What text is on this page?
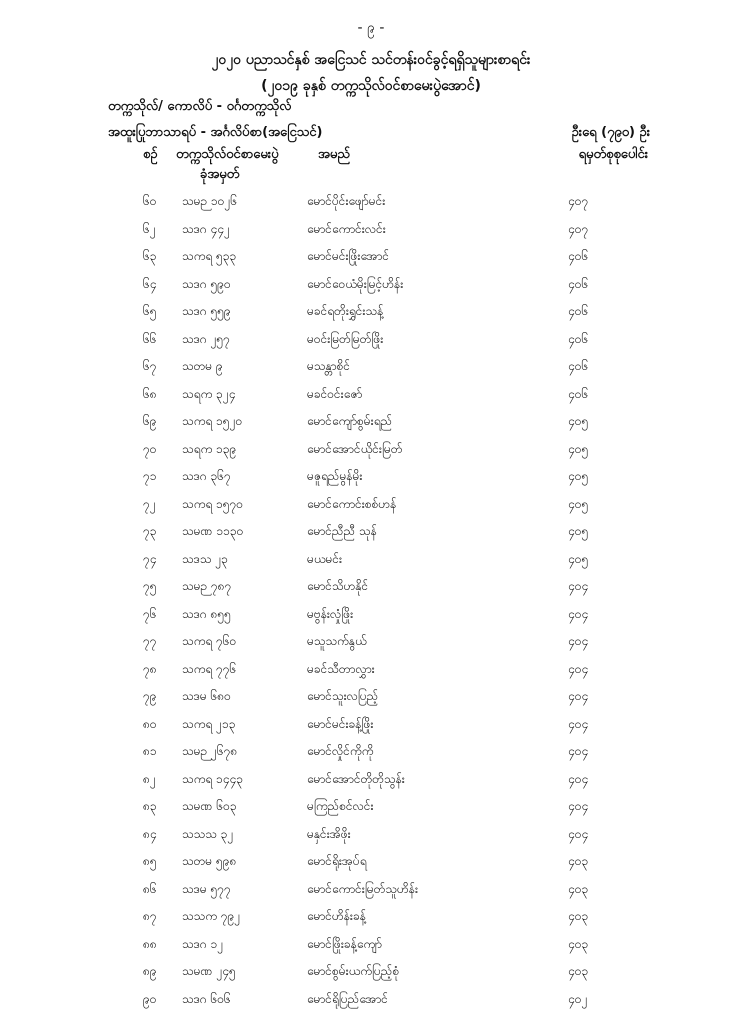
- ၉ -
၂၀၂၀ ပညာသင်နှစ် အငြေသင် သင်တန်းဝင်ခွင့်ရရှိသူများစာရင်း
(၂၀၁၉ ခုနှစ် တက္ကသိုလ်ဝင်စာမေးပွဲအောင်)
တက္ကသိုလ်/ ကောလိပ် - ဝင်္ဂတက္ကသိုလ်
အထူးပြုဘာသာရပ် - အင်္ဂလိပ်စာ(အငြေသင်)	ဦးရေ (၇၉၀) ဦး
စဉ် တက္ကသိုလ်ဝင်စာမေးပွဲ
ခုံအမှတ်
အမည်	ရမှတ်စုစုပေါင်း
၆၀ သမဉ ၁၀၂၆	မောင်ပိုင်းဖျော်မင်း	၄၀၇
၆၂ သဒဂ ၄၄၂	မောင်ကောင်းလင်း	၄၀၇
၆၃ သကရ ၅၃၃	မောင်မင်းဖြိုးအောင်	၄၀၆
၆၄ သဒဂ ၅၉၀	မောင်ဝေယံမိုးမြင့်ဟိန်း	၄၀၆
၆၅ သဒဂ ၅၅၉	မခင်ရတိုးရွှင်းသန့်	၄၀၆
၆၆ သဒဂ ၂၅၇	မဝင်းမြတ်မြတ်ဖြိုး	၄၀၆
၆၇ သတမ ၉	မသန္တာစိုင်	၄၀၆
၆၈ သရက ၃၂၄	မခင်ဝင်းဇော်	၄၀၆
၆၉ သကရ ၁၅၂၀	မောင်ကျော်စွမ်းရည်	၄၀၅
၇၀ သရက ၁၃၉	မောင်အောင်ယိုင်းမြတ်	၄၀၅
၇၁ သဒဂ ၃၆၇	မဇူရည်မွန်မိုး	၄၀၅
၇၂ သကရ ၁၅၇၀	မောင်ကောင်းစစ်ဟန်	၄၀၅
၇၃ သမဏ ၁၁၃၀	မောင်ညီညီ သုန်	၄၀၅
၇၄ သဒသ ၂၃	မယမင်း	၄၀၅
၇၅ သမဉ ၇၈၇	မောင်သိဟနိုင်	၄၀၄
၇၆ သဒဂ ၈၅၅	မဗွန်းလှုံဖြိုး	၄၀၄
၇၇ သကရ ၇၆၀	မသူသက်နွယ်	၄၀၄
၇၈ သကရ ၇၇၆	မခင်သီတာလွှား	၄၀၄
၇၉ သဒမ ၆၈၀	မောင်သူးလပြည့်	၄၀၄
၈၀ သကရ ၂၁၃	မောင်မင်းခန့်ဖြိုး	၄၀၄
၈၁ သမဉ ၂၆၇၈	မောင်လှိုင်ကိုကို	၄၀၄
၈၂ သကရ ၁၄၄၃	မောင်အောင်တိုတိုသွန်း	၄၀၄
၈၃ သမဏ ၆၀၃	မကြည်စင်လင်း	၄၀၄
၈၄ သသသ ၃၂	မနှင်းအိဖိုး	၄၀၄
၈၅ သတမ ၅၉၈	မောင်ရိုးအုပ်ရ	၄၀၃
၈၆ သဒမ ၅၇၇	မောင်ကောင်းမြတ်သူဟိန်း	၄၀၃
၈၇ သသက ၇၉၂	မောင်ဟိန်းခန့်	၄၀၃
၈၈ သဒဂ ၁၂	မောင်ဖြိုးခန့်ကျော်	၄၀၃
၈၉ သမဏ ၂၄၅	မောင်စွမ်းယက်ပြည့်စုံ	၄၀၃
၉၀ သဒဂ ၆၀၆	မောင်ရိုပြည်အောင်	၄၀၂
